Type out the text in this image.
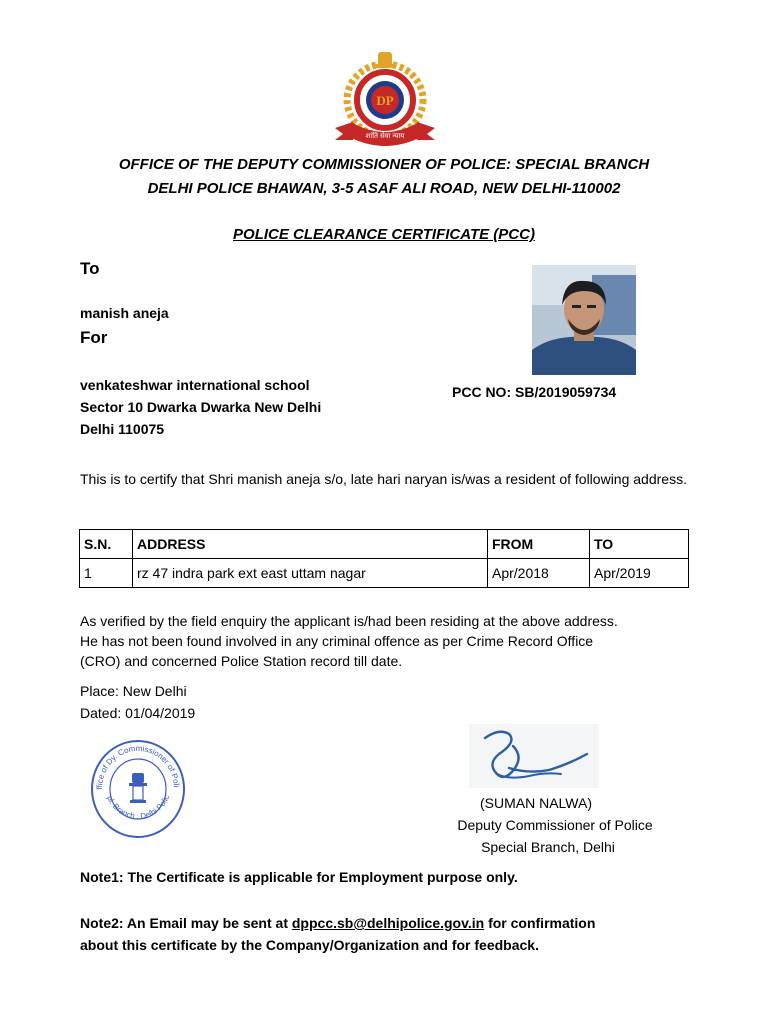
DP
शांति सेवा न्याय
OFFICE OF THE DEPUTY COMMISSIONER OF POLICE: SPECIAL BRANCH
DELHI POLICE BHAWAN, 3-5 ASAF ALI ROAD, NEW DELHI-110002
POLICE CLEARANCE CERTIFICATE (PCC)
To
manish aneja
For
venkateshwar international school
Sector 10 Dwarka Dwarka New Delhi
Delhi 110075
PCC NO: SB/2019059734
This is to certify that Shri manish aneja s/o, late hari naryan is/was a resident of following address.
S.N.	ADDRESS	FROM	TO
1	rz 47 indra park ext east uttam nagar	Apr/2018	Apr/2019
As verified by the field enquiry the applicant is/had been residing at the above address.
He has not been found involved in any criminal offence as per Crime Record Office
(CRO) and concerned Police Station record till date.
Place: New Delhi
Dated: 01/04/2019
ffice of Dy. Commissioner of Poli
pl. Branch : Delhi Polic	(SUMAN NALWA)
Deputy Commissioner of Police
Special Branch, Delhi
Note1: The Certificate is applicable for Employment purpose only.
Note2: An Email may be sent at dppcc.sb@delhipolice.gov.in for confirmation
about this certificate by the Company/Organization and for feedback.
